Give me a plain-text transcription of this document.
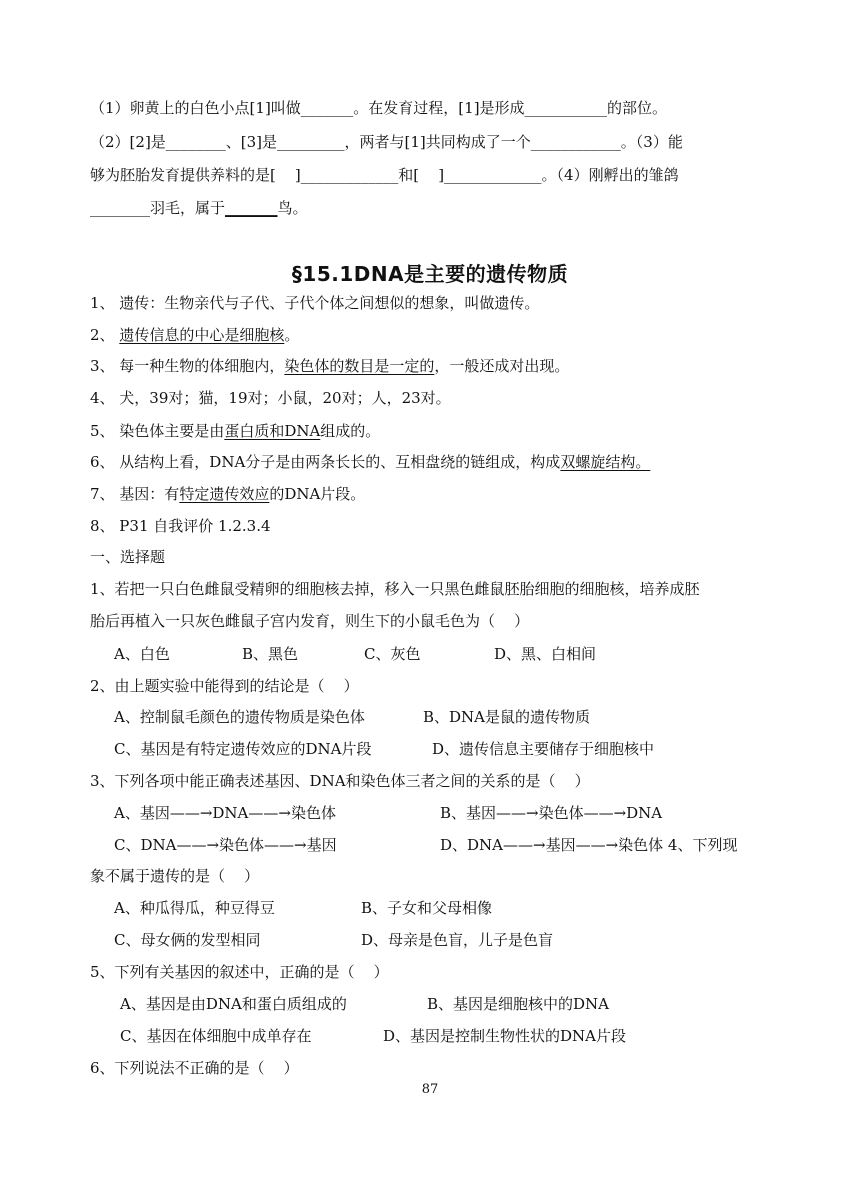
（1）卵黄上的白色小点[1]叫做_______。在发育过程，[1]是形成___________的部位。
（2）[2]是________、[3]是_________，两者与[1]共同构成了一个____________。（3）能
够为胚胎发育提供养料的是[    ]_____________和[    ]_____________。（4）刚孵出的雏鸽
________羽毛，属于_______鸟。
§15.1DNA是主要的遗传物质
1、 遗传：生物亲代与子代、子代个体之间想似的想象，叫做遗传。
2、 遗传信息的中心是细胞核。
3、 每一种生物的体细胞内，染色体的数目是一定的，一般还成对出现。
4、 犬，39对；猫，19对；小鼠，20对；人，23对。
5、 染色体主要是由蛋白质和DNA组成的。
6、 从结构上看，DNA分子是由两条长长的、互相盘绕的链组成，构成双螺旋结构。
7、 基因：有特定遗传效应的DNA片段。
8、 P31 自我评价 1.2.3.4
一、选择题
1、若把一只白色雌鼠受精卵的细胞核去掉，移入一只黑色雌鼠胚胎细胞的细胞核，培养成胚
胎后再植入一只灰色雌鼠子宫内发育，则生下的小鼠毛色为（    ）
A、白色	B、黑色	C、灰色	D、黑、白相间
2、由上题实验中能得到的结论是（    ）
A、控制鼠毛颜色的遗传物质是染色体	B、DNA是鼠的遗传物质
C、基因是有特定遗传效应的DNA片段	D、遗传信息主要储存于细胞核中
3、下列各项中能正确表述基因、DNA和染色体三者之间的关系的是（    ）
A、基因——→DNA——→染色体	B、基因——→染色体——→DNA
C、DNA——→染色体——→基因	D、DNA——→基因——→染色体 4、下列现
象不属于遗传的是（    ）
A、种瓜得瓜，种豆得豆	B、子女和父母相像
C、母女俩的发型相同	D、母亲是色盲，儿子是色盲
5、下列有关基因的叙述中，正确的是（    ）
A、基因是由DNA和蛋白质组成的	B、基因是细胞核中的DNA
C、基因在体细胞中成单存在	D、基因是控制生物性状的DNA片段
6、下列说法不正确的是（    ）
87
